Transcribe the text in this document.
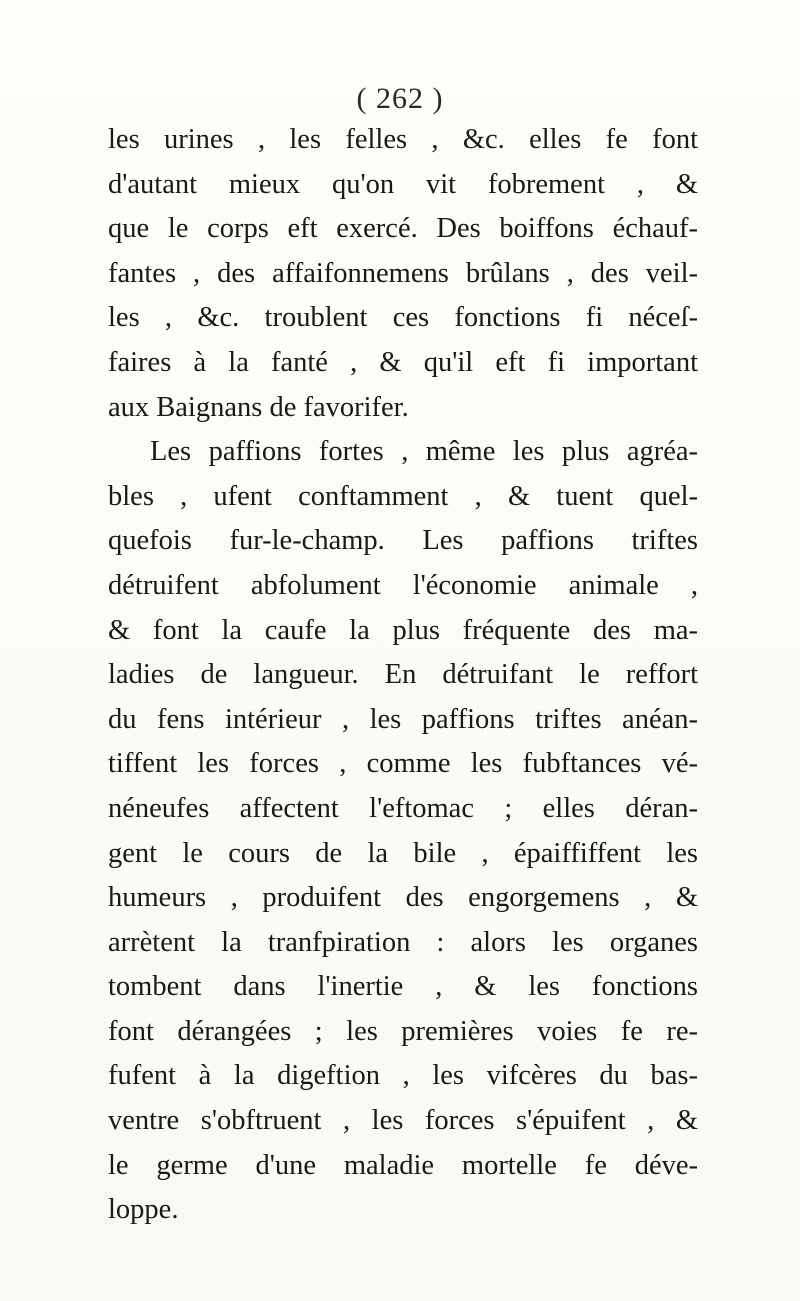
( 262 )
les urines , les felles , &c. elles fe font
d'autant mieux qu'on vit fobrement , &
que le corps eft exercé. Des boiffons échauf-
fantes , des affaifonnemens brûlans , des veil-
les , &c. troublent ces fonctions fi néceſ-
faires à la fanté , & qu'il eft fi important
aux Baignans de favorifer.
Les paffions fortes , même les plus agréa-
bles , ufent conftamment , & tuent quel-
quefois fur-le-champ. Les paffions triftes
détruifent abfolument l'économie animale ,
& font la caufe la plus fréquente des ma-
ladies de langueur. En détruifant le reffort
du fens intérieur , les paffions triftes anéan-
tiffent les forces , comme les fubftances vé-
néneufes affectent l'eftomac ; elles déran-
gent le cours de la bile , épaiffiffent les
humeurs , produifent des engorgemens , &
arrètent la tranfpiration : alors les organes
tombent dans l'inertie , & les fonctions
font dérangées ; les premières voies fe re-
fufent à la digeftion , les vifcères du bas-
ventre s'obftruent , les forces s'épuifent , &
le germe d'une maladie mortelle fe déve-
loppe.
